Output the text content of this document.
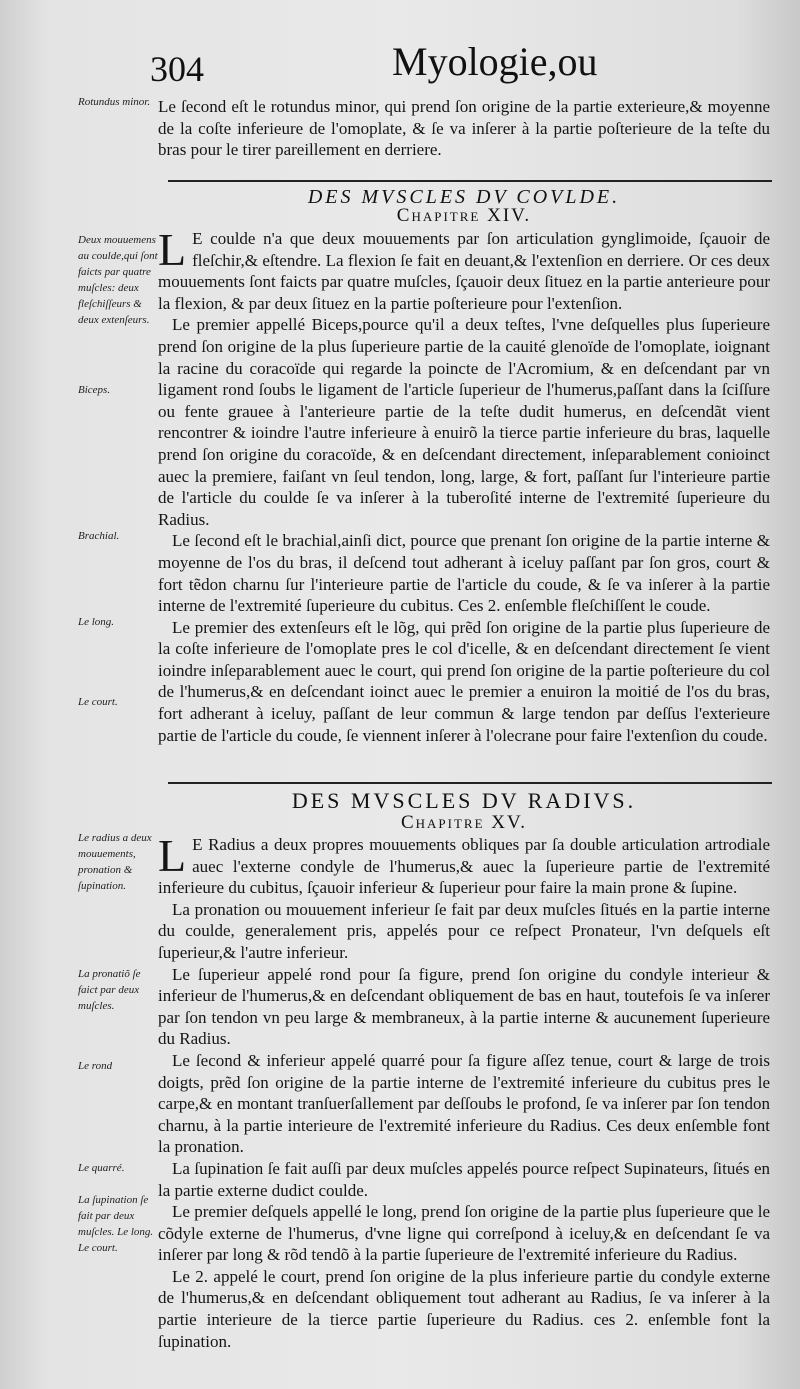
304	Myologie,ou
Rotundus minor. Le ſecond eſt le rotundus minor, qui prend ſon origine de la partie exterieure,& moyenne de la coſte inferieure de l'omoplate, & ſe va inſerer à la partie poſterieure de la teſte du bras pour le tirer pareillement en derriere.

DES MVSCLES DV COVLDE.
Chapitre XIV.
Deux mouuemens au coulde,qui ſont faicts par quatre muſcles: deux fleſchiſſeurs & deux extenſeurs.
Biceps.
Brachial.
Le long.
Le court.

L E coulde n'a que deux mouuements par ſon articulation gynglimoide, ſçauoir de fleſchir,& eſtendre. La flexion ſe fait en deuant,& l'extenſion en derriere. Or ces deux mouuements ſont faicts par quatre muſcles, ſçauoir deux ſituez en la partie anterieure pour la flexion, & par deux ſituez en la partie poſterieure pour l'extenſion.

Le premier appellé Biceps,pource qu'il a deux teſtes, l'vne deſquelles plus ſuperieure prend ſon origine de la plus ſuperieure partie de la cauité glenoïde de l'omoplate, ioignant la racine du coracoïde qui regarde la poincte de l'Acromium, & en deſcendant par vn ligament rond ſoubs le ligament de l'article ſuperieur de l'humerus,paſſant dans la ſciſſure ou fente grauee à l'anterieure partie de la teſte dudit humerus, en deſcendãt vient rencontrer & ioindre l'autre inferieure à enuirõ la tierce partie inferieure du bras, laquelle prend ſon origine du coracoïde, & en deſcendant directement, inſeparablement conioinct auec la premiere, faiſant vn ſeul tendon, long, large, & fort, paſſant ſur l'interieure partie de l'article du coulde ſe va inſerer à la tuberoſité interne de l'extremité ſuperieure du Radius.

Le ſecond eſt le brachial,ainſi dict, pource que prenant ſon origine de la partie interne & moyenne de l'os du bras, il deſcend tout adherant à iceluy paſſant par ſon gros, court & fort tẽdon charnu ſur l'interieure partie de l'article du coude, & ſe va inſerer à la partie interne de l'extremité ſuperieure du cubitus. Ces 2. enſemble fleſchiſſent le coude.

Le premier des extenſeurs eſt le lõg, qui prẽd ſon origine de la partie plus ſuperieure de la coſte inferieure de l'omoplate pres le col d'icelle, & en deſcendant directement ſe vient ioindre inſeparablement auec le court, qui prend ſon origine de la partie poſterieure du col de l'humerus,& en deſcendant ioinct auec le premier a enuiron la moitié de l'os du bras, fort adherant à iceluy, paſſant de leur commun & large tendon par deſſus l'exterieure partie de l'article du coude, ſe viennent inſerer à l'olecrane pour faire l'extenſion du coude.

DES MVSCLES DV RADIVS.
Chapitre XV.
Le radius a deux mouuements, pronation & ſupination.
La pronatiõ ſe faict par deux muſcles.
Le rond
Le quarré.
La ſupination ſe fait par deux muſcles. Le long. Le court.

L E Radius a deux propres mouuements obliques par ſa double articulation artrodiale auec l'externe condyle de l'humerus,& auec la ſuperieure partie de l'extremité inferieure du cubitus, ſçauoir inferieur & ſuperieur pour faire la main prone & ſupine.

La pronation ou mouuement inferieur ſe fait par deux muſcles ſitués en la partie interne du coulde, generalement pris, appelés pour ce reſpect Pronateur, l'vn deſquels eſt ſuperieur,& l'autre inferieur.

Le ſuperieur appelé rond pour ſa figure, prend ſon origine du condyle interieur & inferieur de l'humerus,& en deſcendant obliquement de bas en haut, toutefois ſe va inſerer par ſon tendon vn peu large & membraneux, à la partie interne & aucunement ſuperieure du Radius.

Le ſecond & inferieur appelé quarré pour ſa figure aſſez tenue, court & large de trois doigts, prẽd ſon origine de la partie interne de l'extremité inferieure du cubitus pres le carpe,& en montant tranſuerſallement par deſſoubs le profond, ſe va inſerer par ſon tendon charnu, à la partie interieure de l'extremité inferieure du Radius. Ces deux enſemble font la pronation.

La ſupination ſe fait auſſi par deux muſcles appelés pource reſpect Supinateurs, ſitués en la partie externe dudict coulde.

Le premier deſquels appellé le long, prend ſon origine de la partie plus ſuperieure que le cõdyle externe de l'humerus, d'vne ligne qui correſpond à iceluy,& en deſcendant ſe va inſerer par long & rõd tendõ à la partie ſuperieure de l'extremité inferieure du Radius.

Le 2. appelé le court, prend ſon origine de la plus inferieure partie du condyle externe de l'humerus,& en deſcendant obliquement tout adherant au Radius, ſe va inſerer à la partie interieure de la tierce partie ſuperieure du Radius. ces 2. enſemble font la ſupination.
